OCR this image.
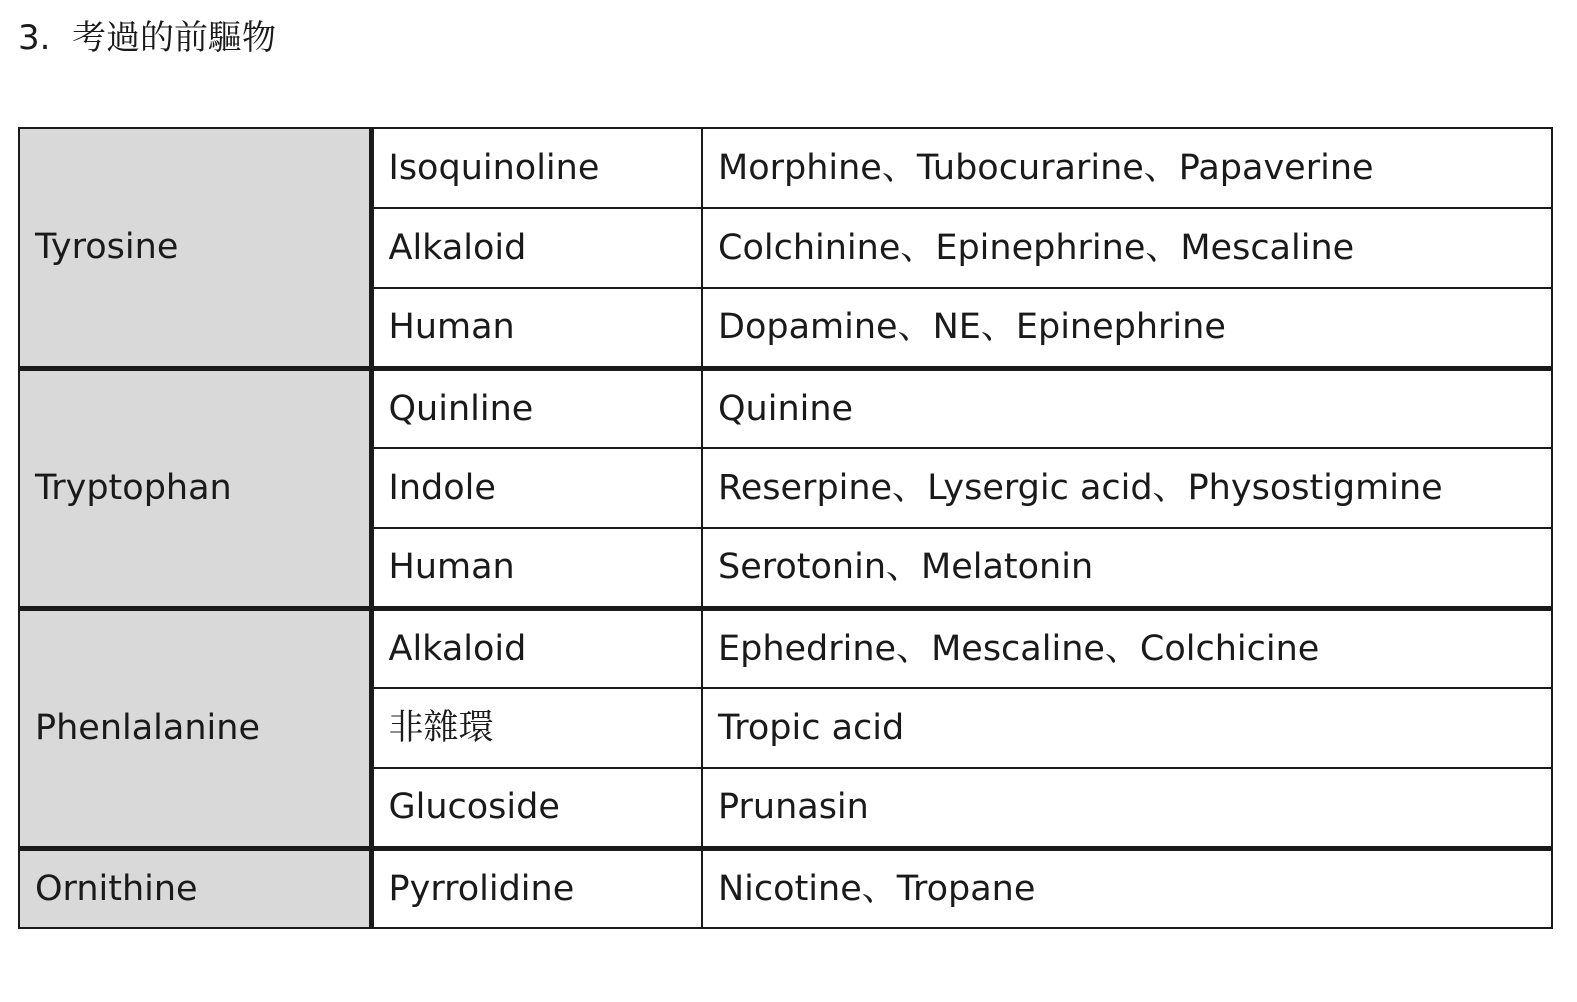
3. 考過的前驅物
Tyrosine	Isoquinoline	Morphine、Tubocurarine、Papaverine
	Alkaloid	Colchinine、Epinephrine、Mescaline
	Human	Dopamine、NE、Epinephrine
Tryptophan	Quinline	Quinine
	Indole	Reserpine、Lysergic acid、Physostigmine
	Human	Serotonin、Melatonin
Phenlalanine	Alkaloid	Ephedrine、Mescaline、Colchicine
	非雜環	Tropic acid
	Glucoside	Prunasin
Ornithine	Pyrrolidine	Nicotine、Tropane
